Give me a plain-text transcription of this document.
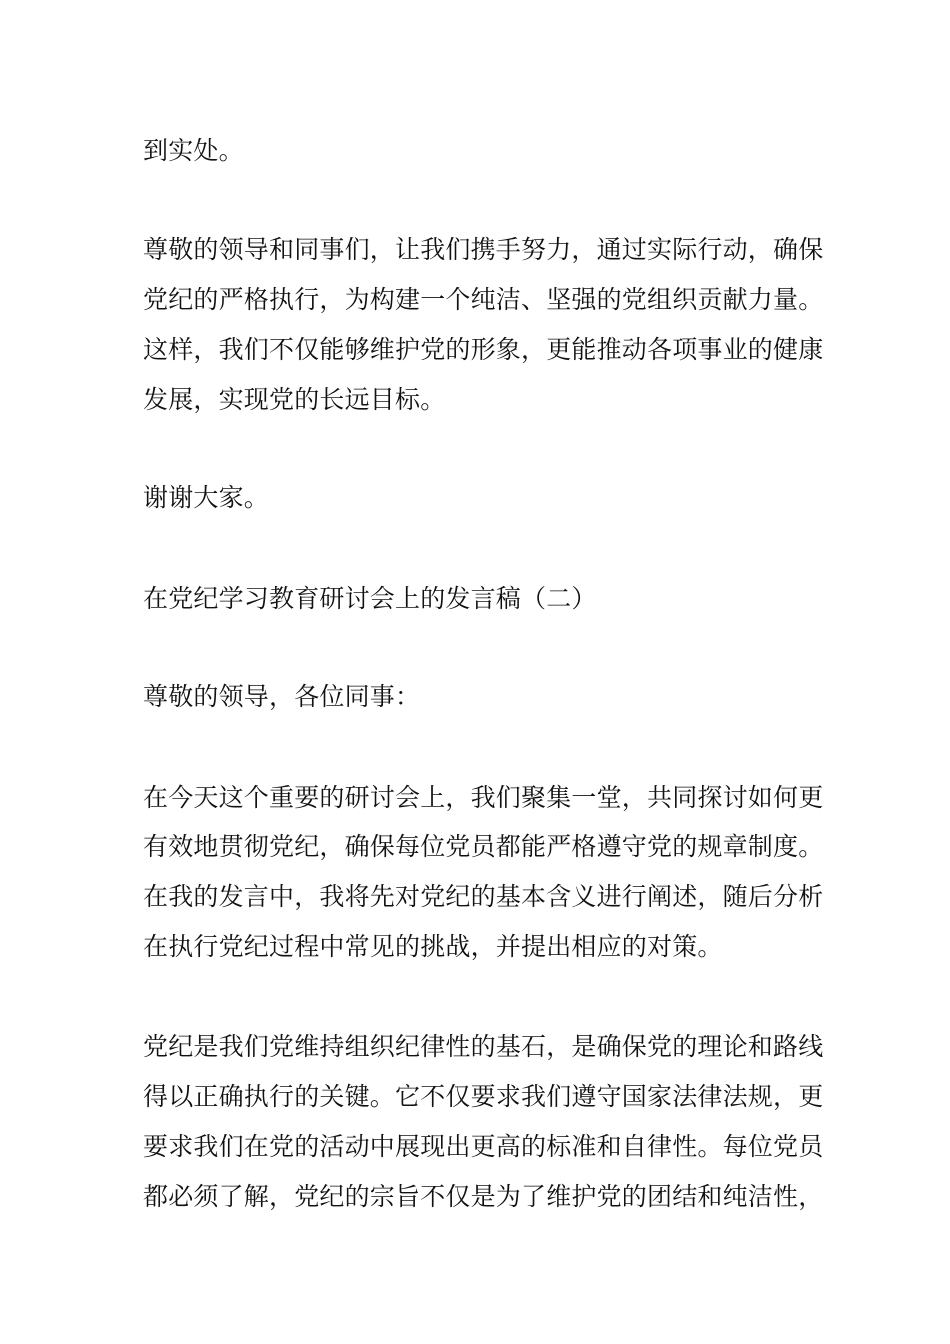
到实处。
尊敬的领导和同事们，让我们携手努力，通过实际行动，确保
党纪的严格执行，为构建一个纯洁、坚强的党组织贡献力量。
这样，我们不仅能够维护党的形象，更能推动各项事业的健康
发展，实现党的长远目标。
谢谢大家。
在党纪学习教育研讨会上的发言稿（二）
尊敬的领导，各位同事：
在今天这个重要的研讨会上，我们聚集一堂，共同探讨如何更
有效地贯彻党纪，确保每位党员都能严格遵守党的规章制度。
在我的发言中，我将先对党纪的基本含义进行阐述，随后分析
在执行党纪过程中常见的挑战，并提出相应的对策。
党纪是我们党维持组织纪律性的基石，是确保党的理论和路线
得以正确执行的关键。它不仅要求我们遵守国家法律法规，更
要求我们在党的活动中展现出更高的标准和自律性。每位党员
都必须了解，党纪的宗旨不仅是为了维护党的团结和纯洁性，
